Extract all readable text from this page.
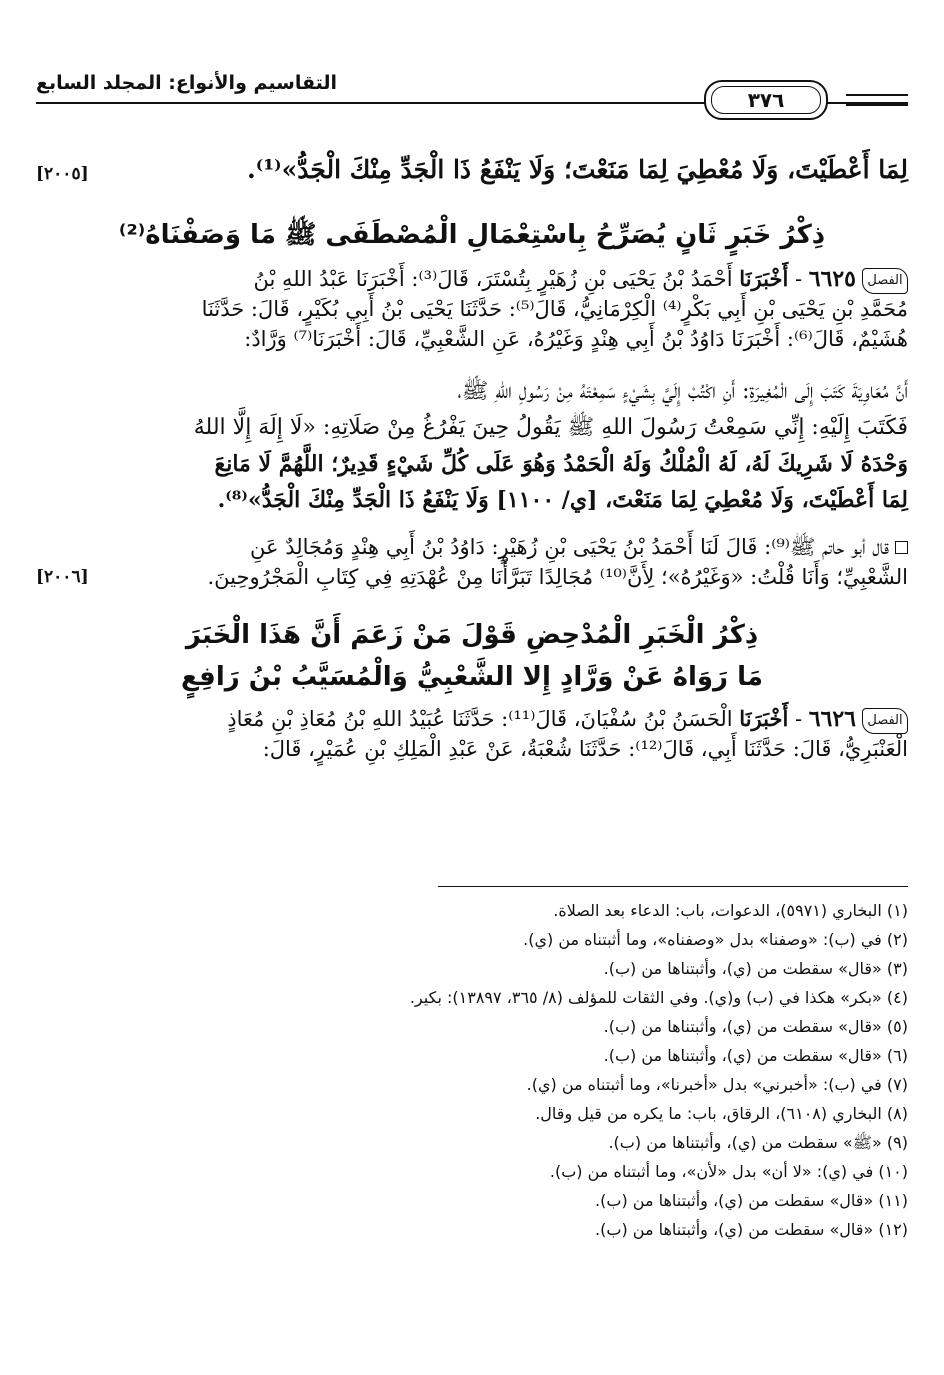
٣٧٦
التقاسيم والأنواع: المجلد السابع
لِمَا أَعْطَيْتَ، وَلَا مُعْطِيَ لِمَا مَنَعْتَ؛ وَلَا يَنْفَعُ ذَا الْجَدِّ مِنْكَ الْجَدُّ»⁽¹⁾.
[٢٠٠٥]
ذِكْرُ خَبَرٍ ثَانٍ يُصَرِّحُ بِاسْتِعْمَالِ الْمُصْطَفَى ﷺ مَا وَصَفْنَاهُ⁽²⁾
الفصل٦٦٢٥ - أَخْبَرَنَا أَحْمَدُ بْنُ يَحْيَى بْنِ زُهَيْرٍ بِتُسْتَرَ، قَالَ⁽³⁾: أَخْبَرَنَا عَبْدُ اللهِ بْنُ
مُحَمَّدِ بْنِ يَحْيَى بْنِ أَبِي بَكْرٍ⁽⁴⁾ الْكِرْمَانِيُّ، قَالَ⁽⁵⁾: حَدَّثَنَا يَحْيَى بْنُ أَبِي بُكَيْرٍ، قَالَ: حَدَّثَنَا
هُشَيْمٌ، قَالَ⁽⁶⁾: أَخْبَرَنَا دَاوُدُ بْنُ أَبِي هِنْدٍ وَغَيْرُهُ، عَنِ الشَّعْبِيِّ، قَالَ: أَخْبَرَنَا⁽⁷⁾ وَرَّادٌ:
أَنَّ مُعَاوِيَةَ كَتَبَ إِلَى الْمُغِيرَةِ: أَنِ اكْتُبْ إِلَيَّ بِشَيْءٍ سَمِعْتَهُ مِنْ رَسُولِ اللهِ ﷺ،
فَكَتَبَ إِلَيْهِ: إِنِّي سَمِعْتُ رَسُولَ اللهِ ﷺ يَقُولُ حِينَ يَفْرُغُ مِنْ صَلَاتِهِ: «لَا إِلَهَ إِلَّا اللهُ
وَحْدَهُ لَا شَرِيكَ لَهُ، لَهُ الْمُلْكُ وَلَهُ الْحَمْدُ وَهُوَ عَلَى كُلِّ شَيْءٍ قَدِيرٌ؛ اللَّهُمَّ لَا مَانِعَ
لِمَا أَعْطَيْتَ، وَلَا مُعْطِيَ لِمَا مَنَعْتَ، [ي/ ١١٠٠] وَلَا يَنْفَعُ ذَا الْجَدِّ مِنْكَ الْجَدُّ»⁽⁸⁾.
قال أبو حاتم ﷺ⁽⁹⁾: قَالَ لَنَا أَحْمَدُ بْنُ يَحْيَى بْنِ زُهَيْرٍ: دَاوُدُ بْنُ أَبِي هِنْدٍ وَمُجَالِدٌ عَنِ
الشَّعْبِيِّ؛ وَأَنَا قُلْتُ: «وَغَيْرُهُ»؛ لِأَنَّ⁽¹⁰⁾ مُجَالِدًا تَبَرَّأْنَا مِنْ عُهْدَتِهِ فِي كِتَابِ الْمَجْرُوحِينَ.
[٢٠٠٦]
ذِكْرُ الْخَبَرِ الْمُدْحِضِ قَوْلَ مَنْ زَعَمَ أَنَّ هَذَا الْخَبَرَ
مَا رَوَاهُ عَنْ وَرَّادٍ إِلا الشَّعْبِيُّ وَالْمُسَيَّبُ بْنُ رَافِعٍ
الفصل٦٦٢٦ - أَخْبَرَنَا الْحَسَنُ بْنُ سُفْيَانَ، قَالَ⁽¹¹⁾: حَدَّثَنَا عُبَيْدُ اللهِ بْنُ مُعَاذِ بْنِ مُعَاذٍ
الْعَنْبَرِيُّ، قَالَ: حَدَّثَنَا أَبِي، قَالَ⁽¹²⁾: حَدَّثَنَا شُعْبَةُ، عَنْ عَبْدِ الْمَلِكِ بْنِ عُمَيْرٍ، قَالَ:
(١) البخاري (٥٩٧١)، الدعوات، باب: الدعاء بعد الصلاة.
(٢) في (ب): «وصفنا» بدل «وصفناه»، وما أثبتناه من (ي).
(٣) «قال» سقطت من (ي)، وأثبتناها من (ب).
(٤) «بكر» هكذا في (ب) و(ي). وفي الثقات للمؤلف (٨/ ٣٦٥، ١٣٨٩٧): بكير.
(٥) «قال» سقطت من (ي)، وأثبتناها من (ب).
(٦) «قال» سقطت من (ي)، وأثبتناها من (ب).
(٧) في (ب): «أخبرني» بدل «أخبرنا»، وما أثبتناه من (ي).
(٨) البخاري (٦١٠٨)، الرقاق، باب: ما يكره من قيل وقال.
(٩) «ﷺ» سقطت من (ي)، وأثبتناها من (ب).
(١٠) في (ي): «لا أن» بدل «لأن»، وما أثبتناه من (ب).
(١١) «قال» سقطت من (ي)، وأثبتناها من (ب).
(١٢) «قال» سقطت من (ي)، وأثبتناها من (ب).
